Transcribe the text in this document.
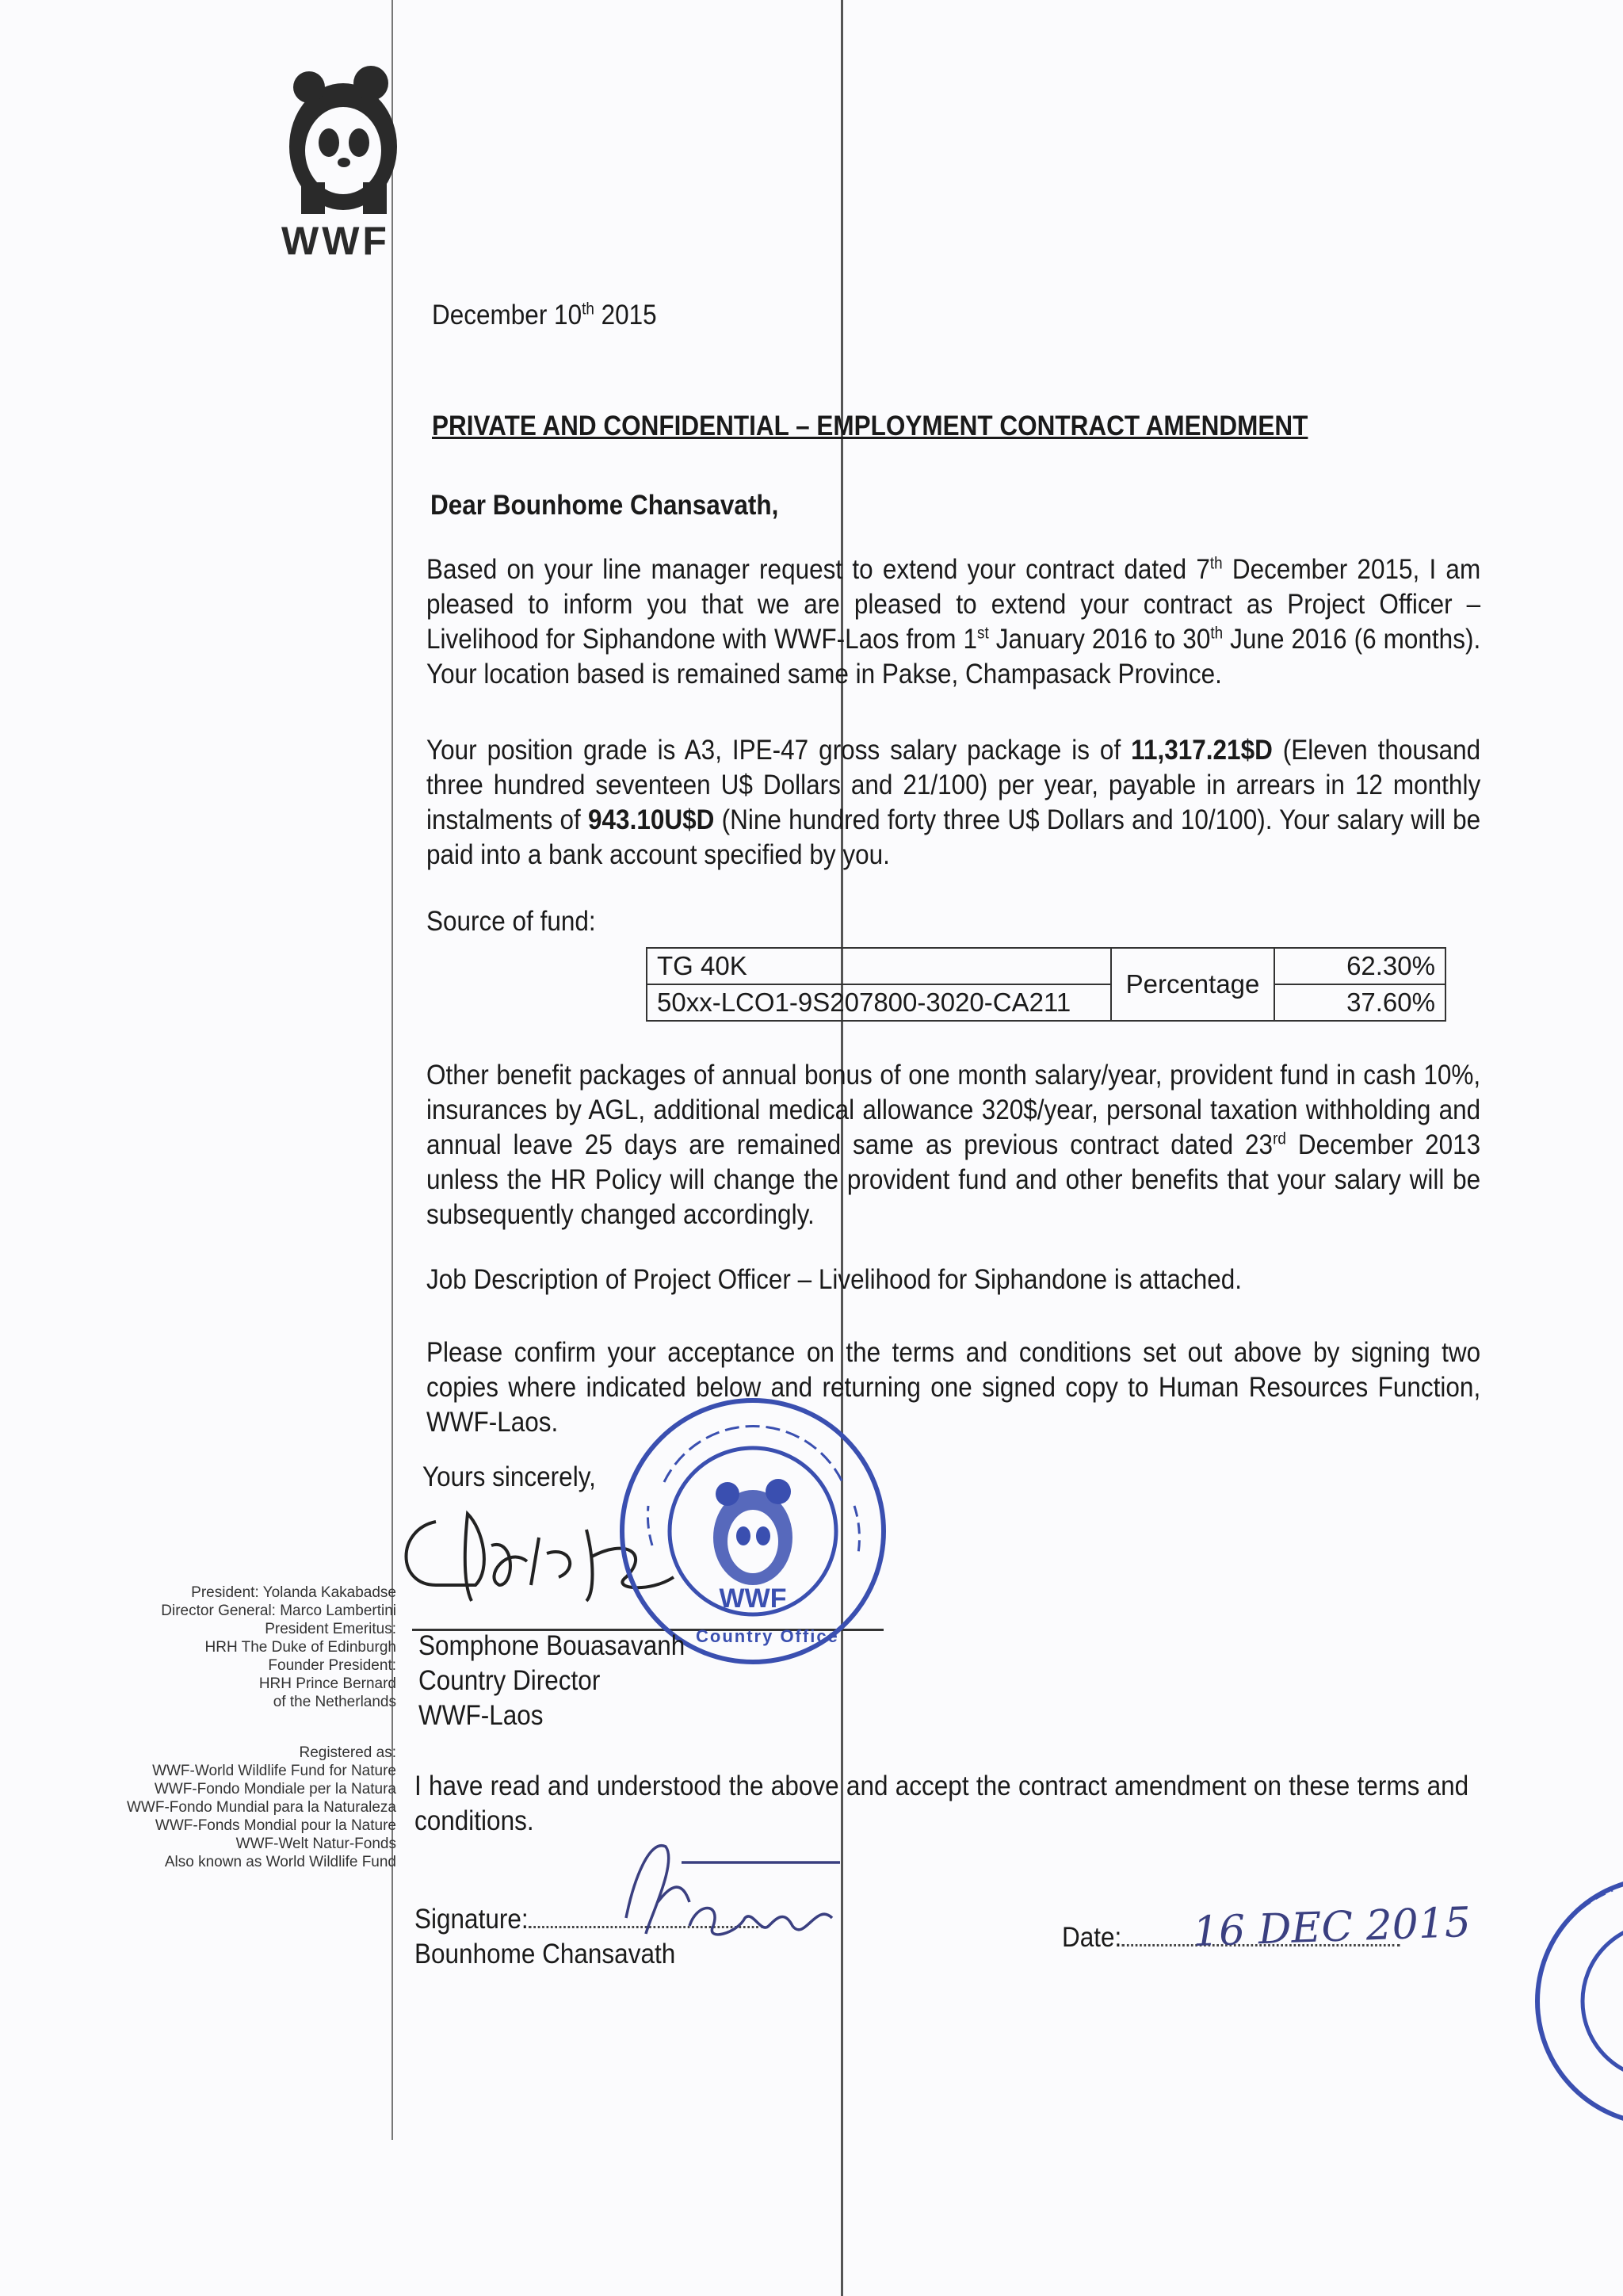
WWF
December 10th 2015
PRIVATE AND CONFIDENTIAL – EMPLOYMENT CONTRACT AMENDMENT
Dear Bounhome Chansavath,
Based on your line manager request to extend your contract dated 7th December 2015, I am pleased to inform you that we are pleased to extend your contract as Project Officer – Livelihood for Siphandone with WWF-Laos from 1st January 2016 to 30th June 2016 (6 months). Your location based is remained same in Pakse, Champasack Province.
Your position grade is A3, IPE-47 gross salary package is of 11,317.21$D (Eleven thousand three hundred seventeen U$ Dollars and 21/100) per year, payable in arrears in 12 monthly instalments of 943.10U$D (Nine hundred forty three U$ Dollars and 10/100). Your salary will be paid into a bank account specified by you.
Source of fund:
TG 40K	Percentage	62.30%
50xx-LCO1-9S207800-3020-CA211		37.60%
Other benefit packages of annual bonus of one month salary/year, provident fund in cash 10%, insurances by AGL, additional medical allowance 320$/year, personal taxation withholding and annual leave 25 days are remained same as previous contract dated 23rd December 2013 unless the HR Policy will change the provident fund and other benefits that your salary will be subsequently changed accordingly.
Job Description of Project Officer – Livelihood for Siphandone is attached.
Please confirm your acceptance on the terms and conditions set out above by signing two copies where indicated below and returning one signed copy to Human Resources Function, WWF-Laos.
Yours sincerely,
WWF
Country Office
Somphone Bouasavanh
Country Director
WWF-Laos
President: Yolanda Kakabadse
Director General: Marco Lambertini
President Emeritus:
HRH The Duke of Edinburgh
Founder President:
HRH Prince Bernard
of the Netherlands
Registered as:
WWF-World Wildlife Fund for Nature
WWF-Fondo Mondiale per la Natura
WWF-Fondo Mundial para la Naturaleza
WWF-Fonds Mondial pour la Nature
WWF-Welt Natur-Fonds
Also known as World Wildlife Fund
I have read and understood the above and accept the contract amendment on these terms and conditions.
Signature:
Bounhome Chansavath
Date:	16 DEC 2015
